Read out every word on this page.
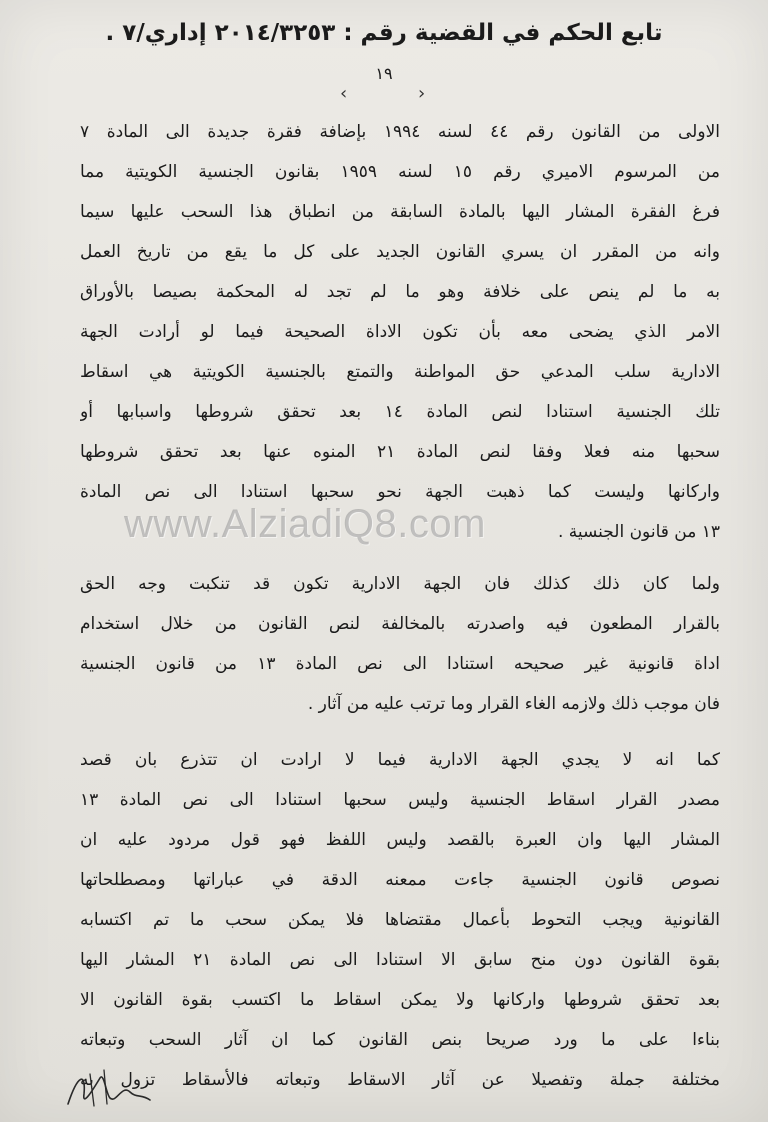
تابع الحكم في القضية رقم : ٢٠١٤/٣٢٥٣ إداري/٧ .
١٩
‹	›

الاولى من القانون رقم ٤٤ لسنه ١٩٩٤ بإضافة فقرة جديدة الى المادة ٧

من المرسوم الاميري رقم ١٥ لسنه ١٩٥٩ بقانون الجنسية الكويتية مما

فرغ الفقرة المشار اليها بالمادة السابقة من انطباق هذا السحب عليها سيما

وانه من المقرر ان يسري القانون الجديد على كل ما يقع من تاريخ العمل

به ما لم ينص على خلافة وهو ما لم تجد له المحكمة بصيصا بالأوراق

الامر الذي يضحى معه بأن تكون الاداة الصحيحة فيما لو أرادت الجهة

الادارية سلب المدعي حق المواطنة والتمتع بالجنسية الكويتية هي اسقاط

تلك الجنسية استنادا لنص المادة ١٤ بعد تحقق شروطها واسبابها أو

سحبها منه فعلا وفقا لنص المادة ٢١ المنوه عنها بعد تحقق شروطها

واركانها وليست كما ذهبت الجهة نحو سحبها استنادا الى نص المادة

١٣ من قانون الجنسية .

ولما كان ذلك كذلك فان الجهة الادارية تكون قد تنكبت وجه الحق

بالقرار المطعون فيه واصدرته بالمخالفة لنص القانون من خلال استخدام

اداة قانونية غير صحيحه استنادا الى نص المادة ١٣ من قانون الجنسية

فان موجب ذلك ولازمه الغاء القرار وما ترتب عليه من آثار .

كما انه لا يجدي الجهة الادارية فيما لا ارادت ان تتذرع بان قصد

مصدر القرار اسقاط الجنسية وليس سحبها استنادا الى نص المادة ١٣

المشار اليها وان العبرة بالقصد وليس اللفظ فهو قول مردود عليه ان

نصوص قانون الجنسية جاءت ممعنه الدقة في عباراتها ومصطلحاتها

القانونية ويجب التحوط بأعمال مقتضاها فلا يمكن سحب ما تم اكتسابه

بقوة القانون دون منح سابق الا استنادا الى نص المادة ٢١ المشار اليها

بعد تحقق شروطها واركانها ولا يمكن اسقاط ما اكتسب بقوة القانون الا

بناءا على ما ورد صريحا بنص القانون كما ان آثار السحب وتبعاته

مختلفة جملة وتفصيلا عن آثار الاسقاط وتبعاته فالأسقاط تزول به

www.AlziadiQ8.com
